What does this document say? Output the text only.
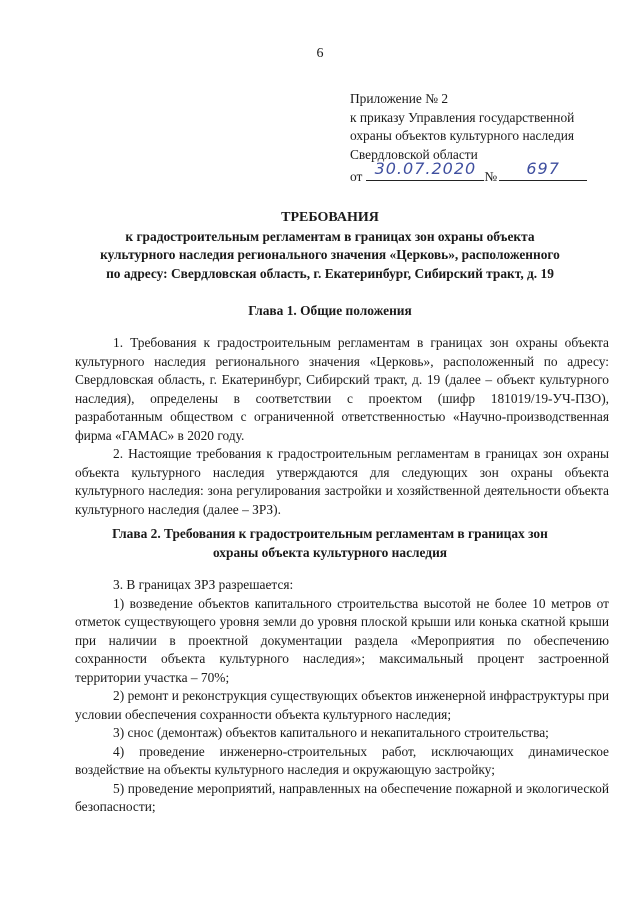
6
Приложение № 2
к приказу Управления государственной
охраны объектов культурного наследия
Свердловской области
от 30.07.2020 №	697
ТРЕБОВАНИЯ
к градостроительным регламентам в границах зон охраны объекта
культурного наследия регионального значения «Церковь», расположенного
по адресу: Свердловская область, г. Екатеринбург, Сибирский тракт, д. 19
Глава 1. Общие положения

1. Требования к градостроительным регламентам в границах зон охраны объекта культурного наследия регионального значения «Церковь», расположенный по адресу: Свердловская область, г. Екатеринбург, Сибирский тракт, д. 19 (далее – объект культурного наследия), определены в соответствии с проектом (шифр 181019/19-УЧ-ПЗО), разработанным обществом с ограниченной ответственностью «Научно-производственная фирма «ГАМАС» в 2020 году.

2. Настоящие требования к градостроительным регламентам в границах зон охраны объекта культурного наследия утверждаются для следующих зон охраны объекта культурного наследия: зона регулирования застройки и хозяйственной деятельности объекта культурного наследия (далее – ЗРЗ).

Глава 2. Требования к градостроительным регламентам в границах зон
охраны объекта культурного наследия

3. В границах ЗРЗ разрешается:

1) возведение объектов капитального строительства высотой не более 10 метров от отметок существующего уровня земли до уровня плоской крыши или конька скатной крыши при наличии в проектной документации раздела «Мероприятия по обеспечению сохранности объекта культурного наследия»; максимальный процент застроенной территории участка – 70%;

2) ремонт и реконструкция существующих объектов инженерной инфраструктуры при условии обеспечения сохранности объекта культурного наследия;

3) снос (демонтаж) объектов капитального и некапитального строительства;

4) проведение инженерно-строительных работ, исключающих динамическое воздействие на объекты культурного наследия и окружающую застройку;

5) проведение мероприятий, направленных на обеспечение пожарной и экологической безопасности;
